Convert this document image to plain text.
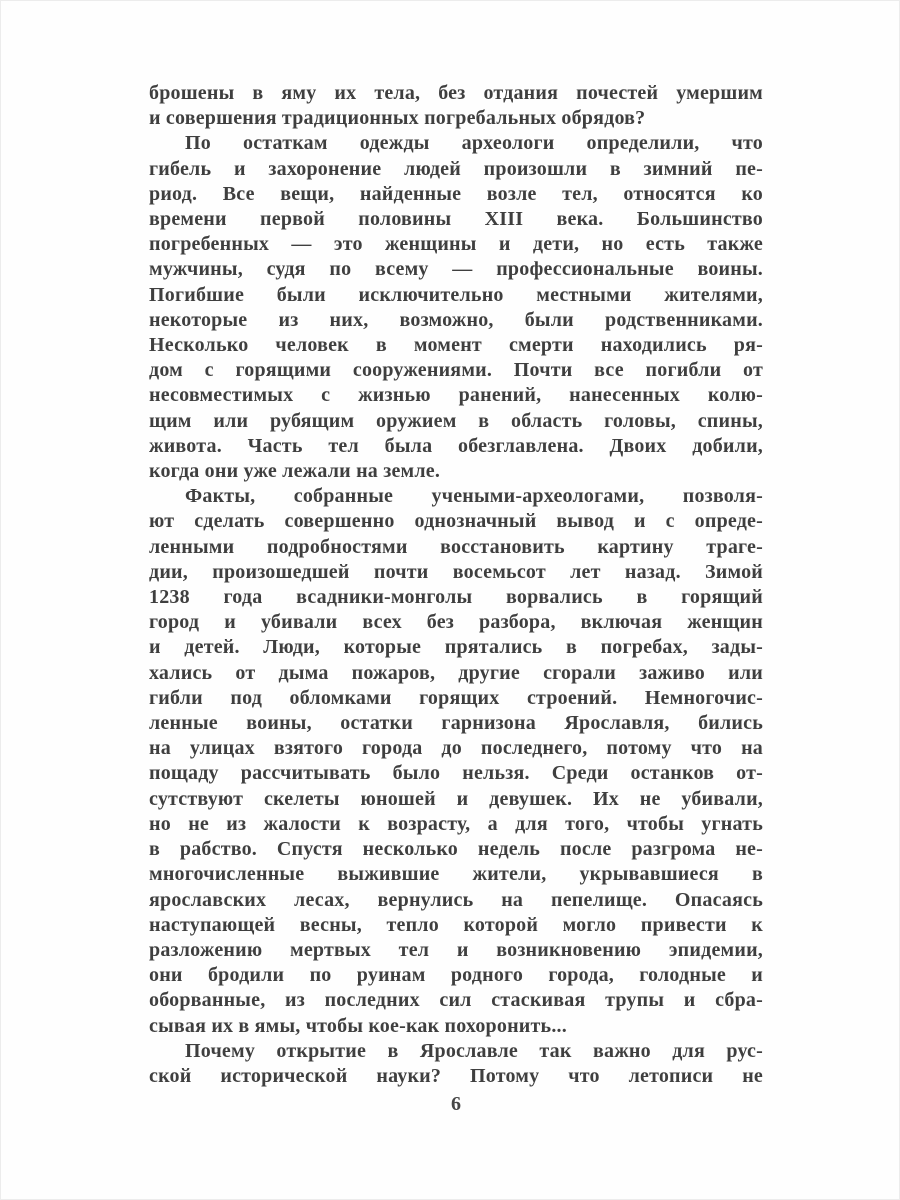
брошены в яму их тела, без отдания почестей умершим
и совершения традиционных погребальных обрядов?
По остаткам одежды археологи определили, что
гибель и захоронение людей произошли в зимний пе-
риод. Все вещи, найденные возле тел, относятся ко
времени первой половины XIII века. Большинство
погребенных — это женщины и дети, но есть также
мужчины, судя по всему — профессиональные воины.
Погибшие были исключительно местными жителями,
некоторые из них, возможно, были родственниками.
Несколько человек в момент смерти находились ря-
дом с горящими сооружениями. Почти все погибли от
несовместимых с жизнью ранений, нанесенных колю-
щим или рубящим оружием в область головы, спины,
живота. Часть тел была обезглавлена. Двоих добили,
когда они уже лежали на земле.
Факты, собранные учеными-археологами, позволя-
ют сделать совершенно однозначный вывод и с опреде-
ленными подробностями восстановить картину траге-
дии, произошедшей почти восемьсот лет назад. Зимой
1238 года всадники-монголы ворвались в горящий
город и убивали всех без разбора, включая женщин
и детей. Люди, которые прятались в погребах, зады-
хались от дыма пожаров, другие сгорали заживо или
гибли под обломками горящих строений. Немногочис-
ленные воины, остатки гарнизона Ярославля, бились
на улицах взятого города до последнего, потому что на
пощаду рассчитывать было нельзя. Среди останков от-
сутствуют скелеты юношей и девушек. Их не убивали,
но не из жалости к возрасту, а для того, чтобы угнать
в рабство. Спустя несколько недель после разгрома не-
многочисленные выжившие жители, укрывавшиеся в
ярославских лесах, вернулись на пепелище. Опасаясь
наступающей весны, тепло которой могло привести к
разложению мертвых тел и возникновению эпидемии,
они бродили по руинам родного города, голодные и
оборванные, из последних сил стаскивая трупы и сбра-
сывая их в ямы, чтобы кое-как похоронить...
Почему открытие в Ярославле так важно для рус-
ской исторической науки? Потому что летописи не
6
